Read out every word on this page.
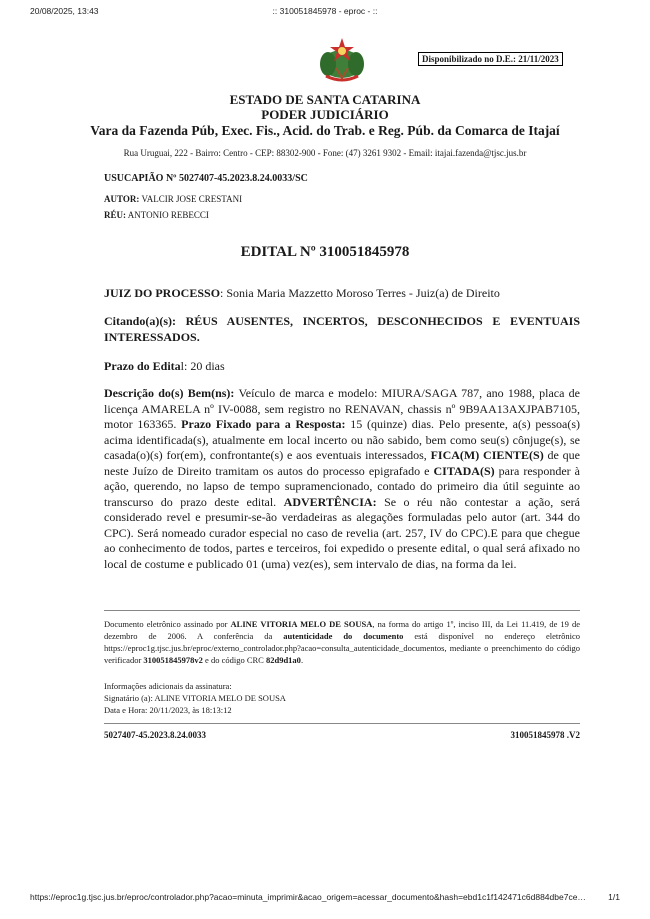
20/08/2025, 13:43	:: 310051845978 - eproc - ::
Disponibilizado no D.E.: 21/11/2023
ESTADO DE SANTA CATARINA
PODER JUDICIÁRIO
Vara da Fazenda Púb, Exec. Fis., Acid. do Trab. e Reg. Púb. da Comarca de Itajaí
Rua Uruguai, 222 - Bairro: Centro - CEP: 88302-900 - Fone: (47) 3261 9302 - Email: itajai.fazenda@tjsc.jus.br
USUCAPIÃO Nº 5027407-45.2023.8.24.0033/SC
AUTOR: VALCIR JOSE CRESTANI
RÉU: ANTONIO REBECCI
EDITAL Nº 310051845978
JUIZ DO PROCESSO: Sonia Maria Mazzetto Moroso Terres - Juiz(a) de Direito
Citando(a)(s): RÉUS AUSENTES, INCERTOS, DESCONHECIDOS E EVENTUAIS INTERESSADOS.
Prazo do Edital: 20 dias
Descrição do(s) Bem(ns): Veículo de marca e modelo: MIURA/SAGA 787, ano 1988, placa de licença AMARELA nº IV-0088, sem registro no RENAVAN, chassis nº 9B9AA13AXJPAB7105, motor 163365. Prazo Fixado para a Resposta: 15 (quinze) dias. Pelo presente, a(s) pessoa(s) acima identificada(s), atualmente em local incerto ou não sabido, bem como seu(s) cônjuge(s), se casada(o)(s) for(em), confrontante(s) e aos eventuais interessados, FICA(M) CIENTE(S) de que neste Juízo de Direito tramitam os autos do processo epigrafado e CITADA(S) para responder à ação, querendo, no lapso de tempo supramencionado, contado do primeiro dia útil seguinte ao transcurso do prazo deste edital. ADVERTÊNCIA: Se o réu não contestar a ação, será considerado revel e presumir-se-ão verdadeiras as alegações formuladas pelo autor (art. 344 do CPC). Será nomeado curador especial no caso de revelia (art. 257, IV do CPC).E para que chegue ao conhecimento de todos, partes e terceiros, foi expedido o presente edital, o qual será afixado no local de costume e publicado 01 (uma) vez(es), sem intervalo de dias, na forma da lei.
Documento eletrônico assinado por ALINE VITORIA MELO DE SOUSA, na forma do artigo 1º, inciso III, da Lei 11.419, de 19 de dezembro de 2006. A conferência da autenticidade do documento está disponível no endereço eletrônico https://eproc1g.tjsc.jus.br/eproc/externo_controlador.php?acao=consulta_autenticidade_documentos, mediante o preenchimento do código verificador 310051845978v2 e do código CRC 82d9d1a0.
Informações adicionais da assinatura:
Signatário (a): ALINE VITORIA MELO DE SOUSA
Data e Hora: 20/11/2023, às 18:13:12
5027407-45.2023.8.24.0033	310051845978 .V2
https://eproc1g.tjsc.jus.br/eproc/controlador.php?acao=minuta_imprimir&acao_origem=acessar_documento&hash=ebd1c1f142471c6d884dbe7ce…	1/1
